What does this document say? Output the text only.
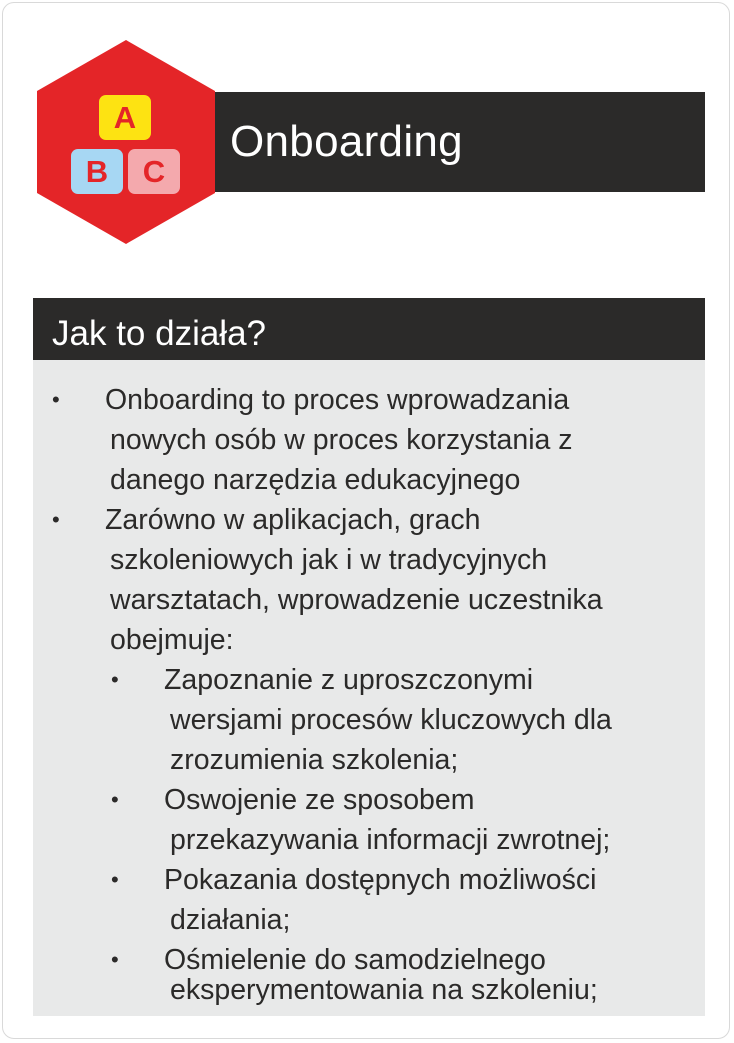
Onboarding
A
B	C
Jak to działa?
• Onboarding to proces wprowadzania
nowych osób w proces korzystania z
danego narzędzia edukacyjnego
• Zarówno w aplikacjach, grach
szkoleniowych jak i w tradycyjnych
warsztatach, wprowadzenie uczestnika
obejmuje:
• Zapoznanie z uproszczonymi
wersjami procesów kluczowych dla
zrozumienia szkolenia;
• Oswojenie ze sposobem
przekazywania informacji zwrotnej;
• Pokazania dostępnych możliwości
działania;
• Ośmielenie do samodzielnego
eksperymentowania na szkoleniu;
